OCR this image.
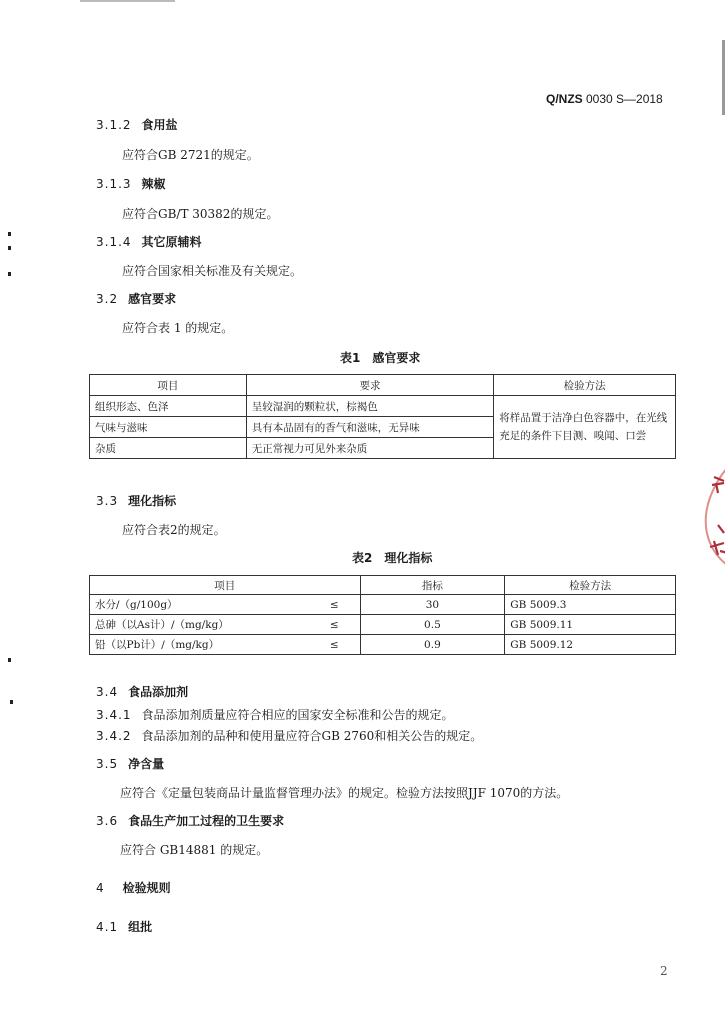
Q/NZS 0030 S—2018
3.1.2 食用盐
应符合GB 2721的规定。
3.1.3 辣椒
应符合GB/T 30382的规定。
3.1.4 其它原辅料
应符合国家相关标准及有关规定。
3.2 感官要求
应符合表 1 的规定。
表1　感官要求
项目	要求	检验方法
组织形态、色泽	呈较湿润的颗粒状，棕褐色	将样品置于洁净白色容器中，在光线充足的条件下目测、嗅闻、口尝
气味与滋味	具有本品固有的香气和滋味，无异味	
杂质	无正常视力可见外来杂质	
3.3 理化指标
应符合表2的规定。
表2　理化指标
项目		指标	检验方法
水分/（g/100g）	≤	30	GB 5009.3
总砷（以As计）/（mg/kg）	≤	0.5	GB 5009.11
铅（以Pb计）/（mg/kg）	≤	0.9	GB 5009.12
3.4 食品添加剂
3.4.1 食品添加剂质量应符合相应的国家安全标准和公告的规定。
3.4.2 食品添加剂的品种和使用量应符合GB 2760和相关公告的规定。
3.5 净含量
应符合《定量包装商品计量监督管理办法》的规定。检验方法按照JJF 1070的方法。
3.6 食品生产加工过程的卫生要求
应符合 GB14881 的规定。
4 检验规则
4.1 组批
2
